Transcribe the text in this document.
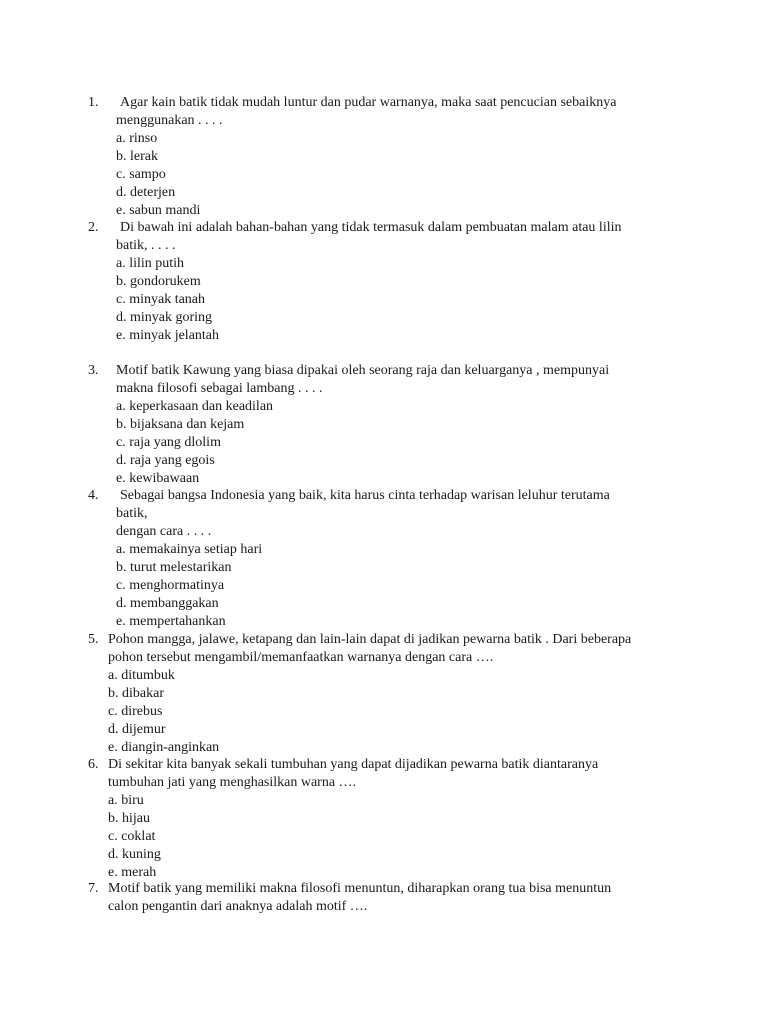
1. Agar kain batik tidak mudah luntur dan pudar warnanya, maka saat pencucian sebaiknya
menggunakan . . . .
a. rinso
b. lerak
c. sampo
d. deterjen
e. sabun mandi
2. Di bawah ini adalah bahan-bahan yang tidak termasuk dalam pembuatan malam atau lilin
batik, . . . .
a. lilin putih
b. gondorukem
c. minyak tanah
d. minyak goring
e. minyak jelantah
3. Motif batik Kawung yang biasa dipakai oleh seorang raja dan keluarganya , mempunyai
makna filosofi sebagai lambang . . . .
a. keperkasaan dan keadilan
b. bijaksana dan kejam
c. raja yang dlolim
d. raja yang egois
e. kewibawaan
4. Sebagai bangsa Indonesia yang baik, kita harus cinta terhadap warisan leluhur terutama
batik,
dengan cara . . . .
a. memakainya setiap hari
b. turut melestarikan
c. menghormatinya
d. membanggakan
e. mempertahankan
5. Pohon mangga, jalawe, ketapang dan lain-lain dapat di jadikan pewarna batik . Dari beberapa
pohon tersebut mengambil/memanfaatkan warnanya dengan cara ….
a. ditumbuk
b. dibakar
c. direbus
d. dijemur
e. diangin-anginkan
6. Di sekitar kita banyak sekali tumbuhan yang dapat dijadikan pewarna batik diantaranya
tumbuhan jati yang menghasilkan warna ….
a. biru
b. hijau
c. coklat
d. kuning
e. merah
7. Motif batik yang memiliki makna filosofi menuntun, diharapkan orang tua bisa menuntun
calon pengantin dari anaknya adalah motif ….
